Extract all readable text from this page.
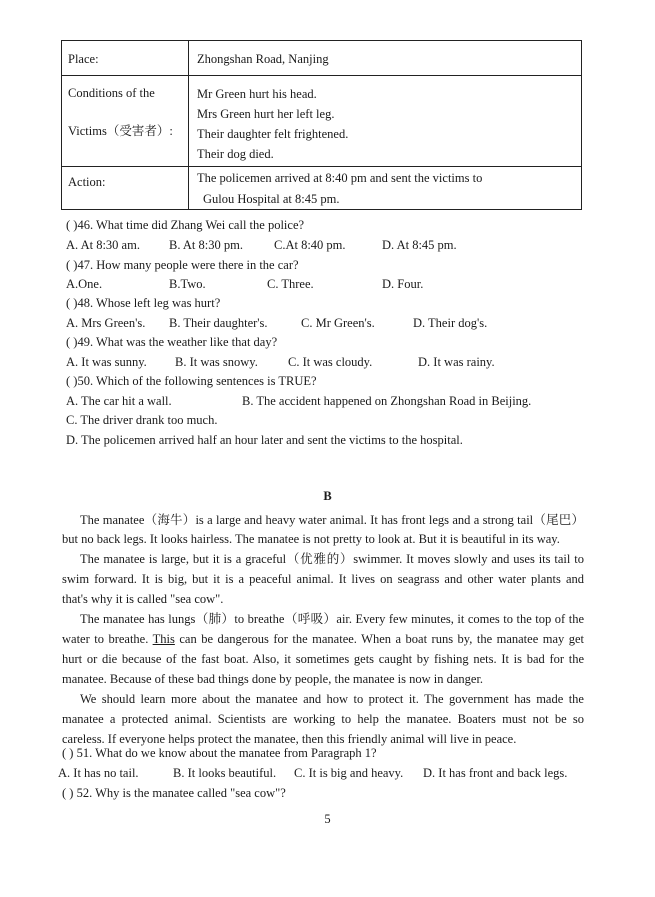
Place:	Zhongshan Road, Nanjing

Conditions of the
Victims（受害者）:	Mr Green hurt his head.
Mrs Green hurt her left leg.
Their daughter felt frightened.
Their dog died.

Action:	The policemen arrived at 8:40 pm and sent the victims to
Gulou Hospital at 8:45 pm.
( )46. What time did Zhang Wei call the police?
A. At 8:30 am. B. At 8:30 pm. C.At 8:40 pm.	D. At 8:45 pm.
( )47. How many people were there in the car?
A.One.	B.Two.	C. Three.	D. Four.
( )48. Whose left leg was hurt?
A. Mrs Green's. B. Their daughter's.	C. Mr Green's.	D. Their dog's.
( )49. What was the weather like that day?
A. It was sunny. B. It was snowy. C. It was cloudy.	D. It was rainy.
( )50. Which of the following sentences is TRUE?
A. The car hit a wall.	B. The accident happened on Zhongshan Road in Beijing.
C. The driver drank too much.
D. The policemen arrived half an hour later and sent the victims to the hospital.
B
The manatee（海牛）is a large and heavy water animal. It has front legs and a strong tail（尾巴）
but no back legs. It looks hairless. The manatee is not pretty to look at. But it is beautiful in its way.
The manatee is large, but it is a graceful（优雅的）swimmer. It moves slowly and uses its tail to
swim forward. It is big, but it is a peaceful animal. It lives on seagrass and other water plants and
that's why it is called "sea cow".
The manatee has lungs（肺）to breathe（呼吸）air. Every few minutes, it comes to the top of the
water to breathe. This can be dangerous for the manatee. When a boat runs by, the manatee may get
hurt or die because of the fast boat. Also, it sometimes gets caught by fishing nets. It is bad for the
manatee. Because of these bad things done by people, the manatee is now in danger.
We should learn more about the manatee and how to protect it. The government has made the
manatee a protected animal. Scientists are working to help the manatee. Boaters must not be so
careless. If everyone helps protect the manatee, then this friendly animal will live in peace.
( ) 51. What do we know about the manatee from Paragraph 1?
A. It has no tail.	B. It looks beautiful. C. It is big and heavy. D. It has front and back legs.
( ) 52. Why is the manatee called "sea cow"?
5
